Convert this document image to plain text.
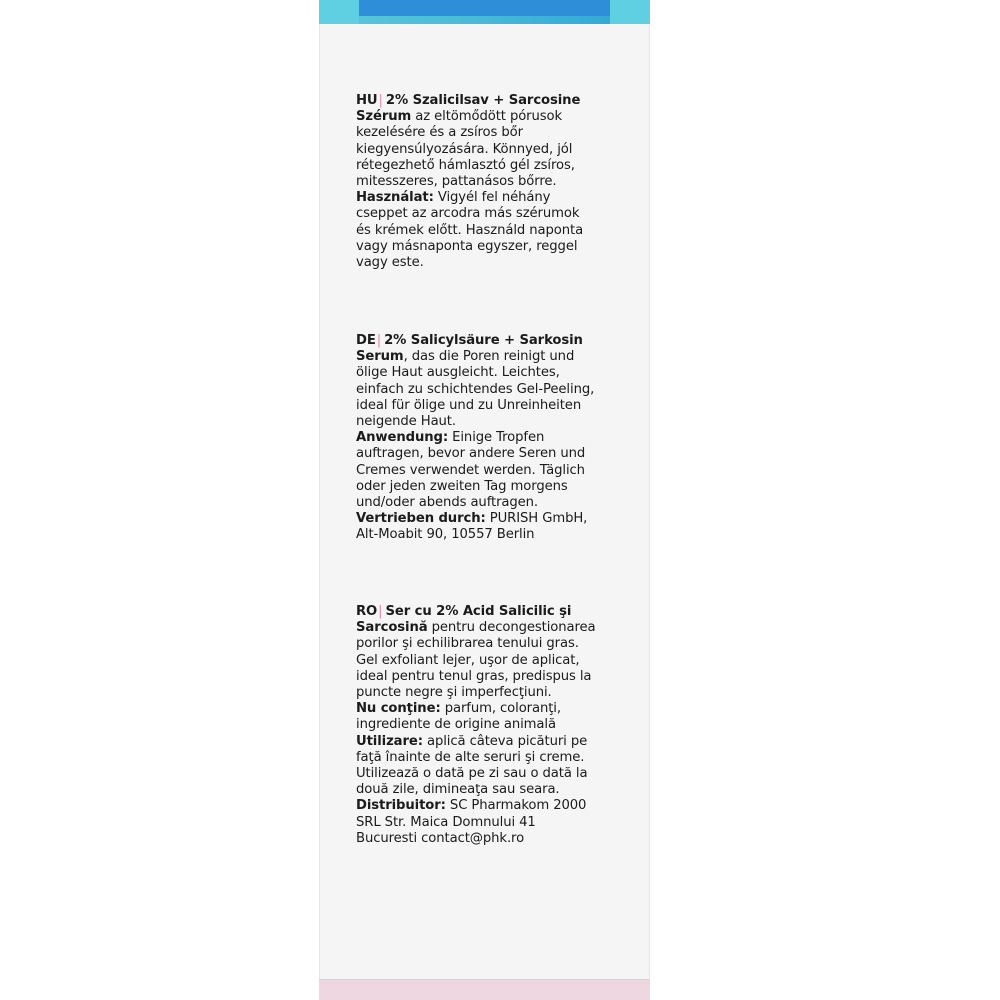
HU| 2% Szalicilsav + Sarcosine Szérum az eltömődött pórusok kezelésére és a zsíros bőr kiegyensúlyozására. Könnyed, jól rétegezhető hámlasztó gél zsíros, mitesszeres, pattanásos bőrre.

Használat: Vigyél fel néhány cseppet az arcodra más szérumok és krémek előtt. Használd naponta vagy másnaponta egyszer, reggel vagy este.

DE| 2% Salicylsäure + Sarkosin Serum, das die Poren reinigt und ölige Haut ausgleicht. Leichtes, einfach zu schichtendes Gel-Peeling, ideal für ölige und zu Unreinheiten neigende Haut.

Anwendung: Einige Tropfen auftragen, bevor andere Seren und Cremes verwendet werden. Täglich oder jeden zweiten Tag morgens und/oder abends auftragen.

Vertrieben durch: PURISH GmbH, Alt-Moabit 90, 10557 Berlin

RO| Ser cu 2% Acid Salicilic şi Sarcosină pentru decongestionarea porilor şi echilibrarea tenului gras. Gel exfoliant lejer, uşor de aplicat, ideal pentru tenul gras, predispus la puncte negre şi imperfecţiuni.

Nu conţine: parfum, coloranţi, ingrediente de origine animală

Utilizare: aplică câteva picături pe faţă înainte de alte seruri şi creme. Utilizează o dată pe zi sau o dată la două zile, dimineaţa sau seara.

Distribuitor: SC Pharmakom 2000 SRL Str. Maica Domnului 41 Bucuresti contact@phk.ro
